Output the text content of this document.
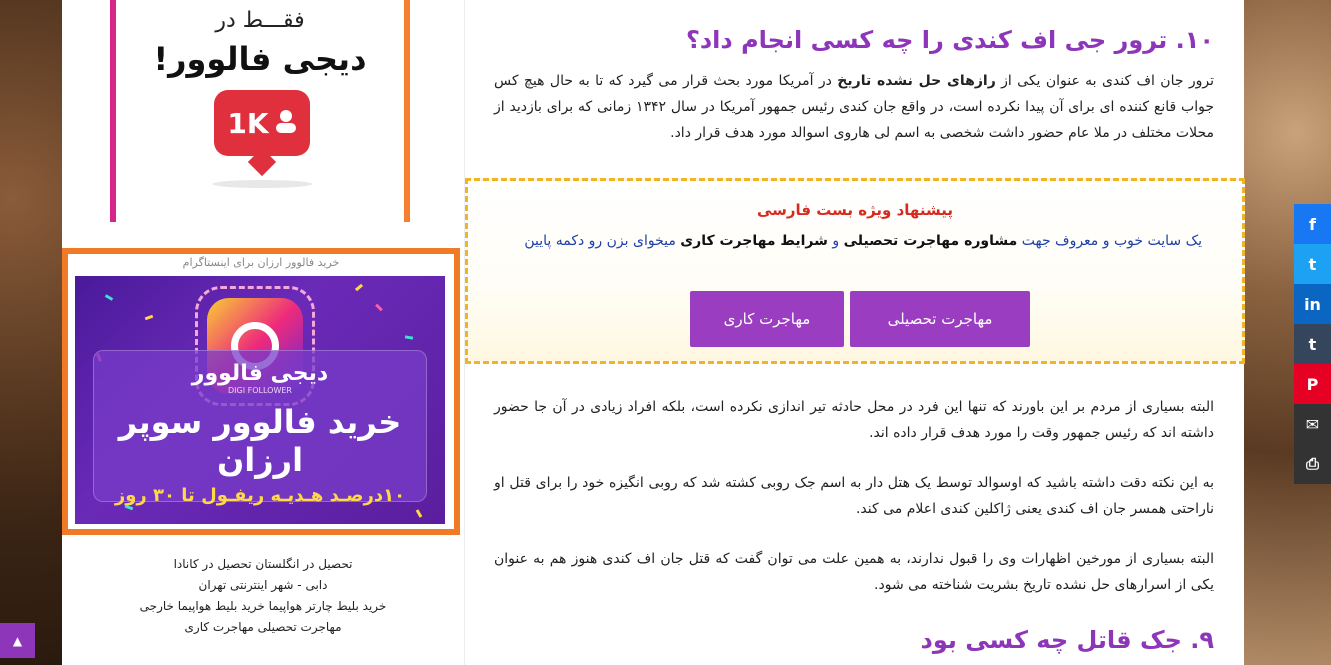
فقـــط در
دیجی فالوور!
1K
خرید فالوور ارزان برای اینستاگرام
دیجی فالوور
DIGI FOLLOWER
خرید فالوور سوپر ارزان
۱۰درصـد هـدیـه ریفـول تا ۳۰ روز
تحصیل در انگلستان تحصیل در کانادا
دابی - شهر اینترنتی تهران
خرید بلیط چارتر هواپیما خرید بلیط هواپیما خارجی
مهاجرت تحصیلی مهاجرت کاری
۱۰. ترور جی اف کندی را چه کسی انجام داد؟
ترور جان اف کندی به عنوان یکی از رازهای حل نشده تاریخ در آمریکا مورد بحث قرار می گیرد که تا به حال هیچ کس جواب قانع کننده ای برای آن پیدا نکرده است، در واقع جان کندی رئیس جمهور آمریکا در سال ۱۳۴۲ زمانی که برای بازدید از محلات مختلف در ملا عام حضور داشت شخصی به اسم لی هاروی اسوالد مورد هدف قرار داد.
پیشنهاد ویژه بست فارسی
یک سایت خوب و معروف جهت مشاوره مهاجرت تحصیلی و شرایط مهاجرت کاری میخوای بزن رو دکمه پایین
مهاجرت تحصیلی
مهاجرت کاری
البته بسیاری از مردم بر این باورند که تنها این فرد در محل حادثه تیر اندازی نکرده است، بلکه افراد زیادی در آن جا حضور داشته اند که رئیس جمهور وقت را مورد هدف قرار داده اند.
به این نکته دقت داشته باشید که اوسوالد توسط یک هتل دار به اسم جک روبی کشته شد که روبی انگیزه خود را برای قتل او ناراحتی همسر جان اف کندی یعنی ژاکلین کندی اعلام می کند.
البته بسیاری از مورخین اظهارات وی را قبول ندارند، به همین علت می توان گفت که قتل جان اف کندی هنوز هم به عنوان یکی از اسرارهای حل نشده تاریخ بشریت شناخته می شود.
۹. جک قاتل چه کسی بود
f
t
in
t
P
✉
⎙
▲
